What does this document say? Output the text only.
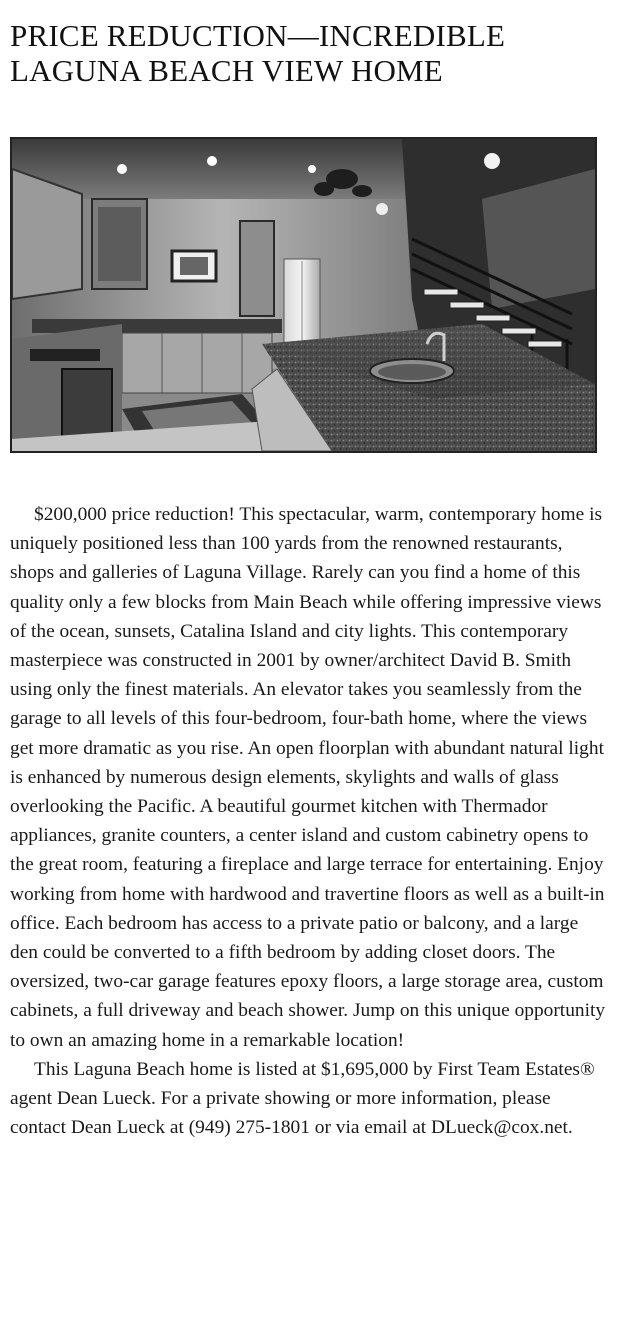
PRICE REDUCTION—INCREDIBLE LAGUNA BEACH VIEW HOME

$200,000 price reduction! This spectacular, warm, contemporary home is uniquely positioned less than 100 yards from the renowned restaurants, shops and galleries of Laguna Village. Rarely can you find a home of this quality only a few blocks from Main Beach while offering impressive views of the ocean, sunsets, Catalina Island and city lights. This contemporary masterpiece was constructed in 2001 by owner/architect David B. Smith using only the finest materials. An elevator takes you seamlessly from the garage to all levels of this four-bedroom, four-bath home, where the views get more dramatic as you rise. An open floorplan with abundant natural light is enhanced by numerous design elements, skylights and walls of glass overlooking the Pacific. A beautiful gourmet kitchen with Thermador appliances, granite counters, a center island and custom cabinetry opens to the great room, featuring a fireplace and large terrace for entertaining. Enjoy working from home with hardwood and travertine floors as well as a built-in office. Each bedroom has access to a private patio or balcony, and a large den could be converted to a fifth bedroom by adding closet doors. The oversized, two-car garage features epoxy floors, a large storage area, custom cabinets, a full driveway and beach shower. Jump on this unique opportunity to own an amazing home in a remarkable location!

This Laguna Beach home is listed at $1,695,000 by First Team Estates® agent Dean Lueck. For a private showing or more information, please contact Dean Lueck at (949) 275-1801 or via email at DLueck@cox.net.
